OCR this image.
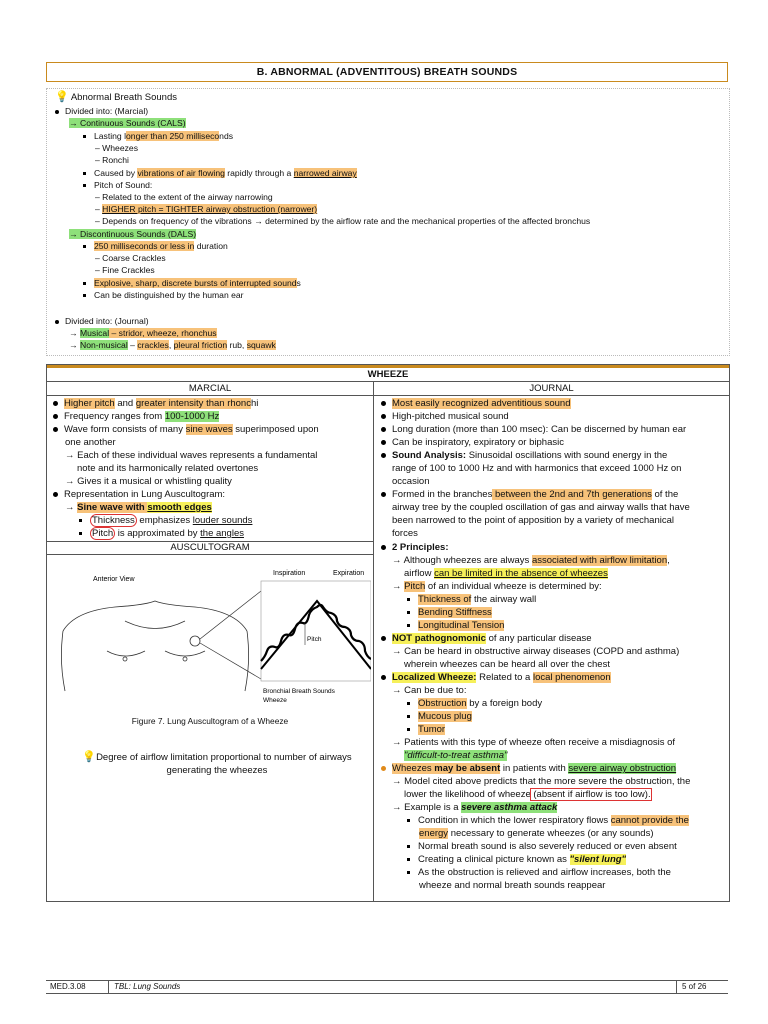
B. ABNORMAL (ADVENTITOUS) BREATH SOUNDS
💡 Abnormal Breath Sounds
Divided into: (Marcial)
→ Continuous Sounds (CALS)
Lasting longer than 250 milliseconds
– Wheezes
– Ronchi
Caused by vibrations of air flowing rapidly through a narrowed airway
Pitch of Sound:
– Related to the extent of the airway narrowing
– HIGHER pitch = TIGHTER airway obstruction (narrower)
– Depends on frequency of the vibrations → determined by the airflow rate and the mechanical properties of the affected bronchus
→ Discontinuous Sounds (DALS)
250 milliseconds or less in duration
– Coarse Crackles
– Fine Crackles
Explosive, sharp, discrete bursts of interrupted sounds
Can be distinguished by the human ear
Divided into: (Journal)
→ Musical – stridor, wheeze, rhonchus
→ Non-musical – crackles, pleural friction rub, squawk
WHEEZE
MARCIAL	JOURNAL
Higher pitch and greater intensity than rhonchi
Frequency ranges from 100-1000 Hz
Wave form consists of many sine waves superimposed upon
one another
→ Each of these individual waves represents a fundamental
note and its harmonically related overtones
→ Gives it a musical or whistling quality
Representation in Lung Auscultogram:
→ Sine wave with smooth edges
Thickness emphasizes louder sounds
Pitch is approximated by the angles
AUSCULTOGRAM
Anterior View
Inspiration	Expiration
Pitch
Bronchial Breath Sounds
Wheeze
Figure 7. Lung Auscultogram of a Wheeze
💡Degree of airflow limitation proportional to number of airways
generating the wheezes
Most easily recognized adventitious sound
High-pitched musical sound
Long duration (more than 100 msec): Can be discerned by human ear
Can be inspiratory, expiratory or biphasic
Sound Analysis: Sinusoidal oscillations with sound energy in the
range of 100 to 1000 Hz and with harmonics that exceed 1000 Hz on
occasion
Formed in the branches between the 2nd and 7th generations of the
airway tree by the coupled oscillation of gas and airway walls that have
been narrowed to the point of apposition by a variety of mechanical
forces
2 Principles:
→ Although wheezes are always associated with airflow limitation,
airflow can be limited in the absence of wheezes
→ Pitch of an individual wheeze is determined by:
Thickness of the airway wall
Bending Stiffness
Longitudinal Tension
NOT pathognomonic of any particular disease
→ Can be heard in obstructive airway diseases (COPD and asthma)
wherein wheezes can be heard all over the chest
Localized Wheeze: Related to a local phenomenon
→ Can be due to:
Obstruction by a foreign body
Mucous plug
Tumor
→ Patients with this type of wheeze often receive a misdiagnosis of
"difficult-to-treat asthma"
Wheezes may be absent in patients with severe airway obstruction
→ Model cited above predicts that the more severe the obstruction, the
lower the likelihood of wheeze (absent if airflow is too low).
→ Example is a severe asthma attack
Condition in which the lower respiratory flows cannot provide the
energy necessary to generate wheezes (or any sounds)
Normal breath sound is also severely reduced or even absent
Creating a clinical picture known as "silent lung"
As the obstruction is relieved and airflow increases, both the
wheeze and normal breath sounds reappear
MED.3.08	TBL: Lung Sounds	5 of 26
